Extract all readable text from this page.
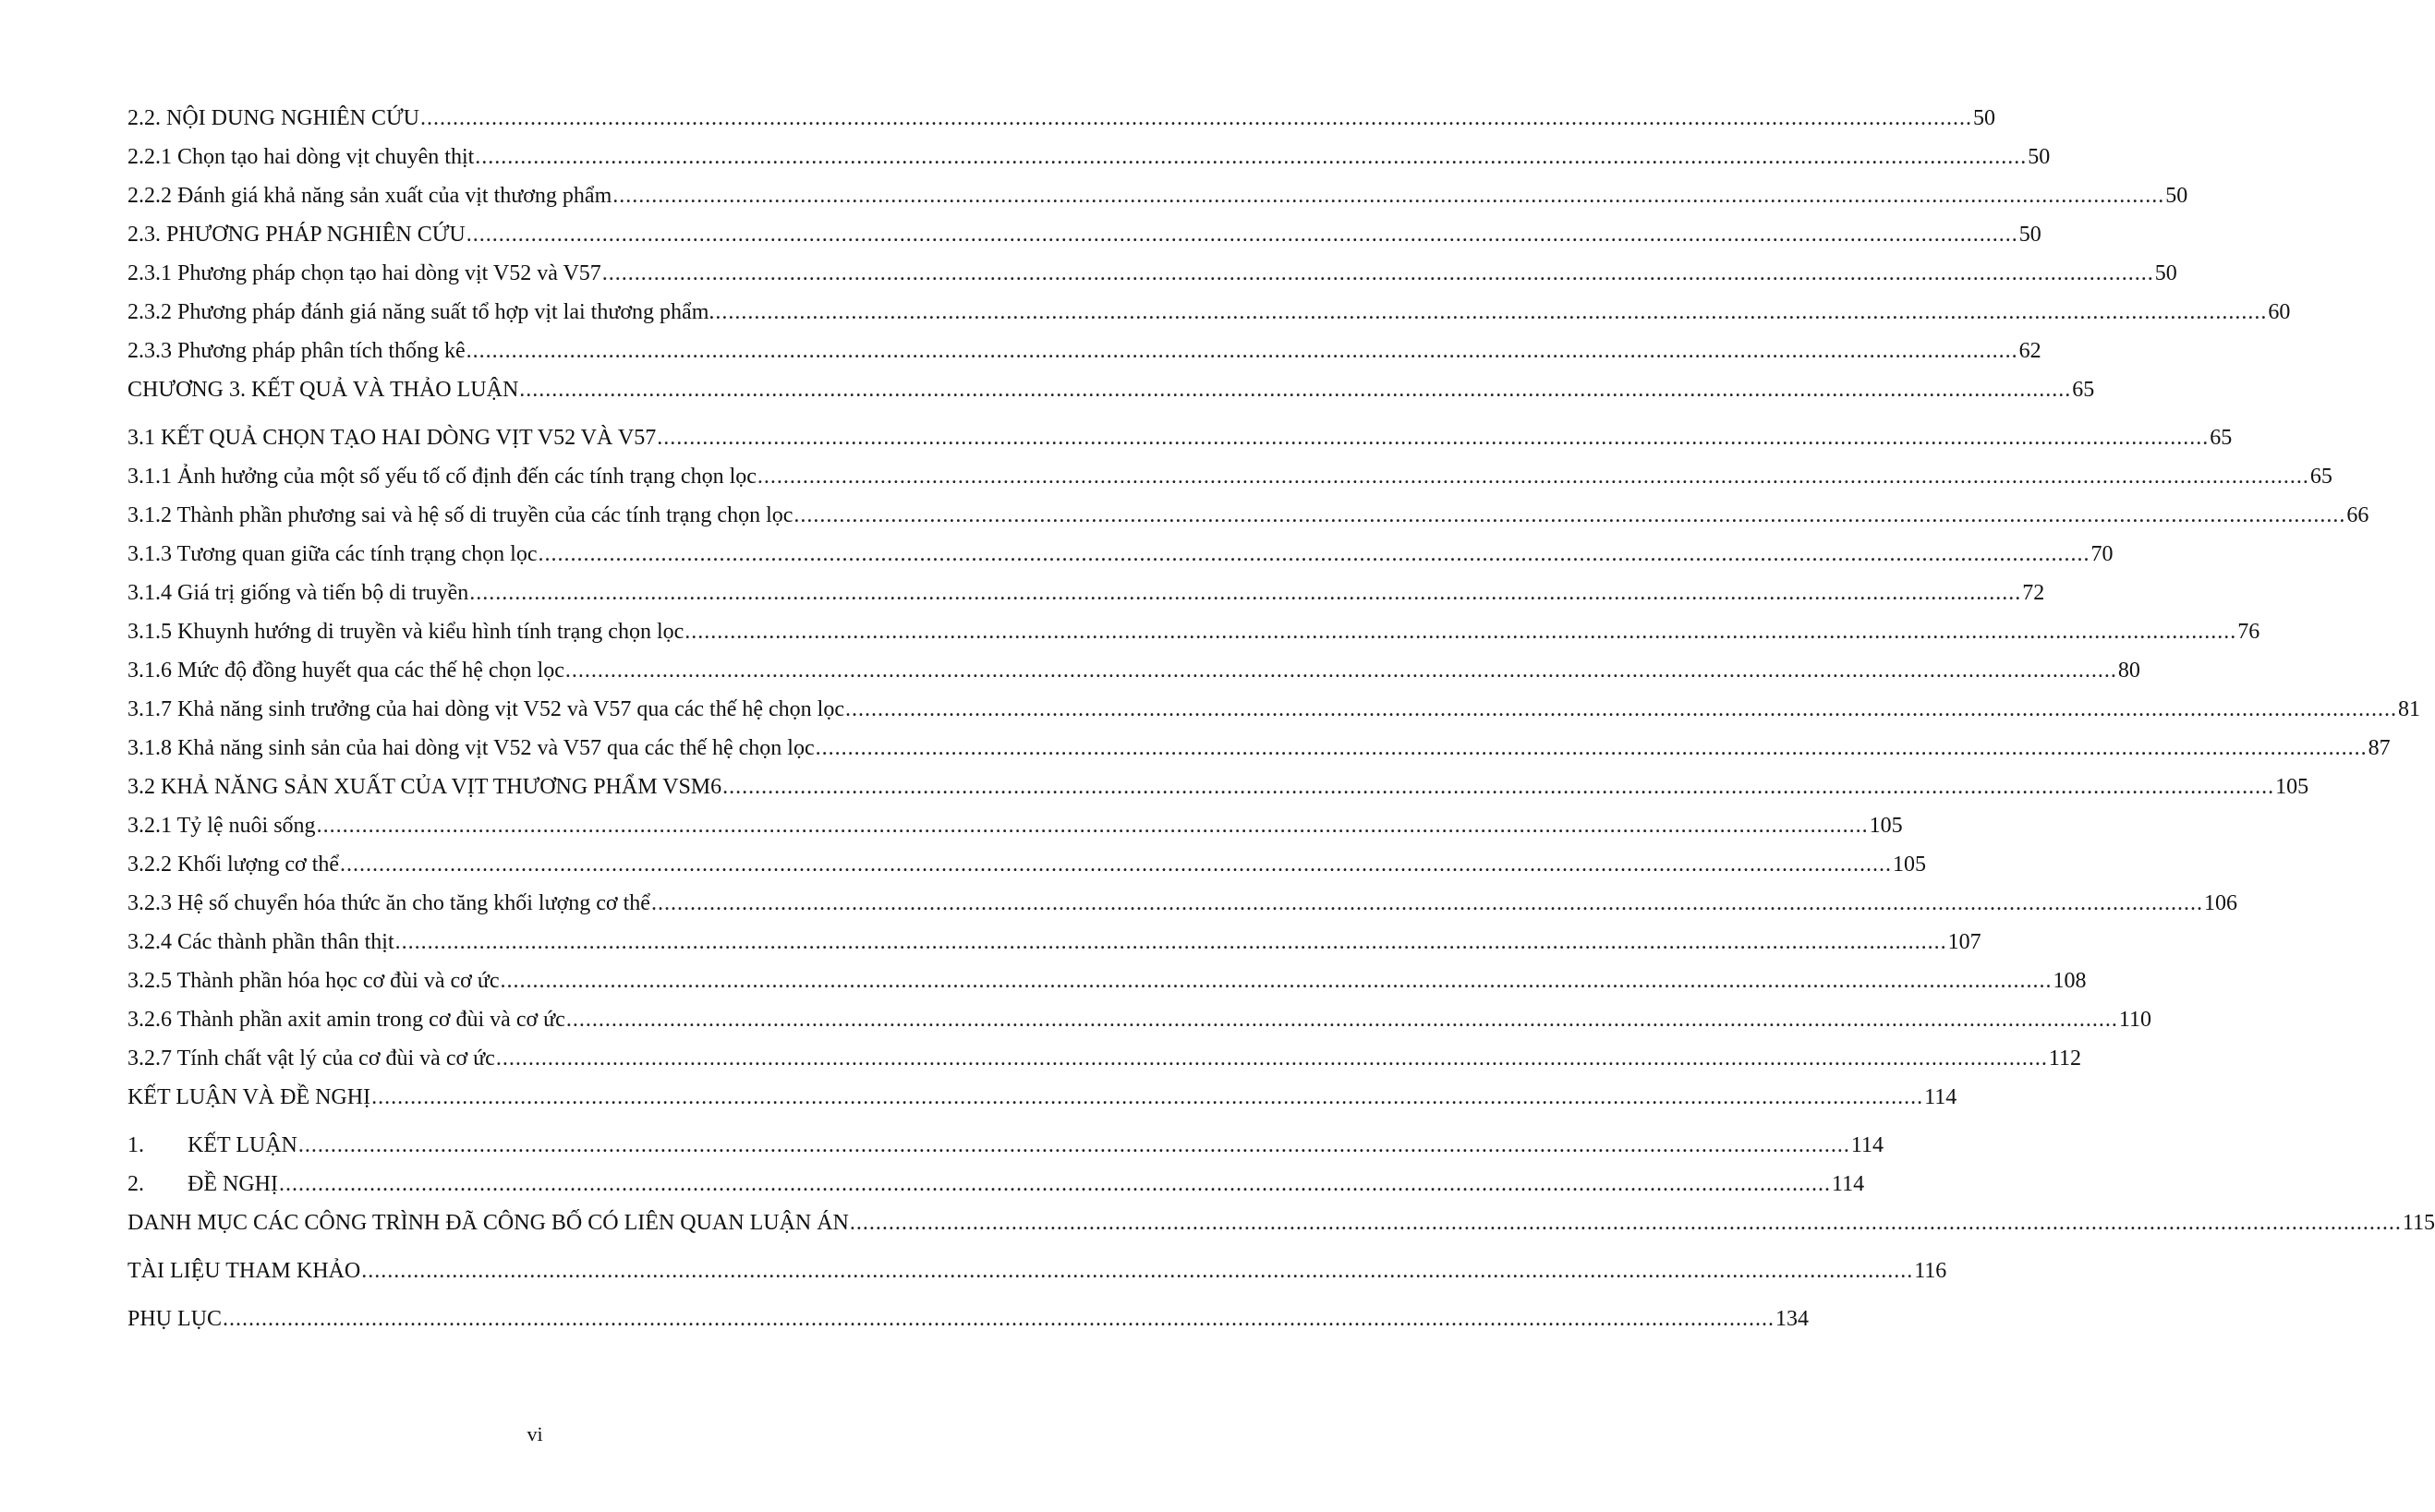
2.2. NỘI DUNG NGHIÊN CỨU .....	50
2.2.1 Chọn tạo hai dòng vịt chuyên thịt .....	50
2.2.2 Đánh giá khả năng sản xuất của vịt thương phẩm .....	50
2.3. PHƯƠNG PHÁP NGHIÊN CỨU .....	50
2.3.1 Phương pháp chọn tạo hai dòng vịt V52 và V57 .....	50
2.3.2 Phương pháp đánh giá năng suất tổ hợp vịt lai thương phẩm. .....	60
2.3.3 Phương pháp phân tích thống kê .....	62
CHƯƠNG 3. KẾT QUẢ VÀ THẢO LUẬN .....	65
3.1 KẾT QUẢ CHỌN TẠO HAI DÒNG VỊT V52 VÀ V57 .....	65
3.1.1 Ảnh hưởng của một số yếu tố cố định đến các tính trạng chọn lọc .....	65
3.1.2 Thành phần phương sai và hệ số di truyền của các tính trạng chọn lọc .....	66
3.1.3 Tương quan giữa các tính trạng chọn lọc .....	70
3.1.4 Giá trị giống và tiến bộ di truyền .....	72
3.1.5 Khuynh hướng di truyền và kiểu hình tính trạng chọn lọc .....	76
3.1.6 Mức độ đồng huyết qua các thế hệ chọn lọc .....	80
3.1.7 Khả năng sinh trưởng của hai dòng vịt V52 và V57 qua các thế hệ chọn lọc .....	81
3.1.8 Khả năng sinh sản của hai dòng vịt V52 và V57 qua các thế hệ chọn lọc .....	87
3.2 KHẢ NĂNG SẢN XUẤT CỦA VỊT THƯƠNG PHẨM VSM6 .....	105
3.2.1 Tỷ lệ nuôi sống .....	105
3.2.2 Khối lượng cơ thể .....	105
3.2.3 Hệ số chuyển hóa thức ăn cho tăng khối lượng cơ thể .....	106
3.2.4 Các thành phần thân thịt .....	107
3.2.5 Thành phần hóa học cơ đùi và cơ ức .....	108
3.2.6 Thành phần axit amin trong cơ đùi và cơ ức .....	110
3.2.7 Tính chất vật lý của cơ đùi và cơ ức .....	112
KẾT LUẬN VÀ ĐỀ NGHỊ .....	114
1. KẾT LUẬN .....	114
2. ĐỀ NGHỊ .....	114
DANH MỤC CÁC CÔNG TRÌNH ĐÃ CÔNG BỐ CÓ LIÊN QUAN LUẬN ÁN .....	115
TÀI LIỆU THAM KHẢO .....	116
PHỤ LỤC .....	134
vi
